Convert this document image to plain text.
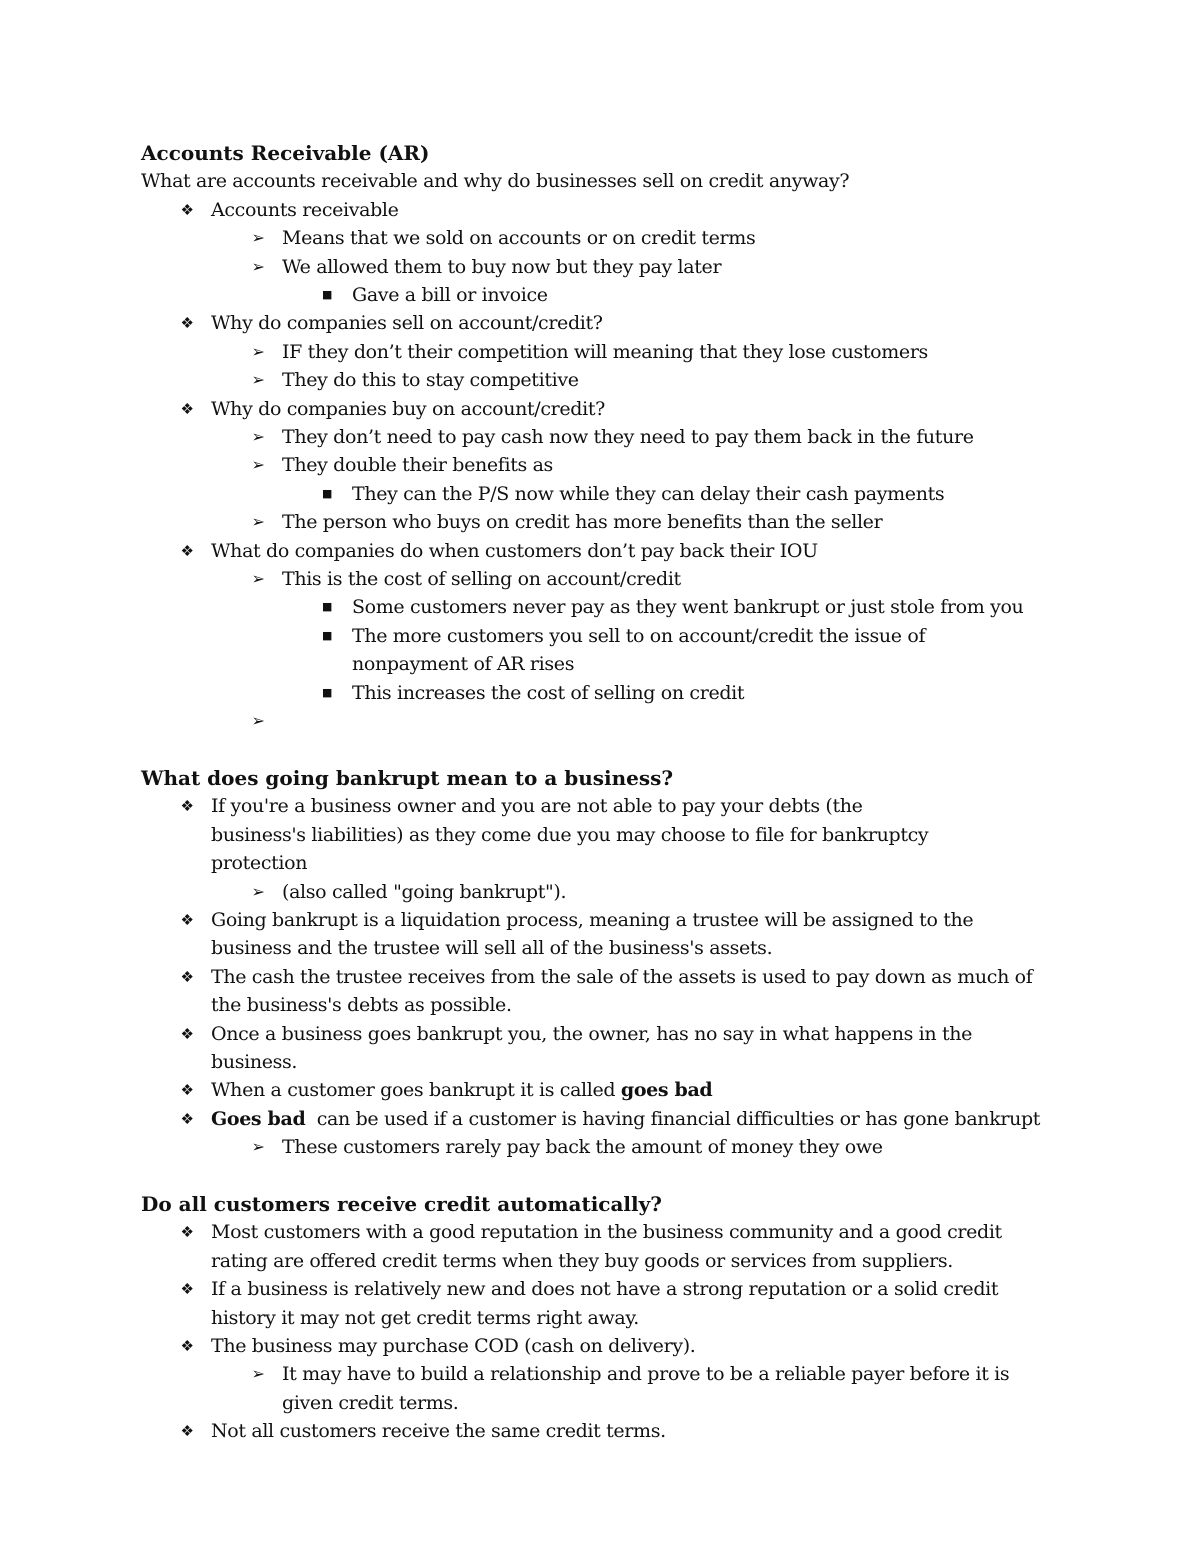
Accounts Receivable (AR)
What are accounts receivable and why do businesses sell on credit anyway?
❖ Accounts receivable
➢ Means that we sold on accounts or on credit terms
➢ We allowed them to buy now but they pay later
■ Gave a bill or invoice
❖ Why do companies sell on account/credit?
➢ IF they don’t their competition will meaning that they lose customers
➢ They do this to stay competitive
❖ Why do companies buy on account/credit?
➢ They don’t need to pay cash now they need to pay them back in the future
➢ They double their benefits as
■ They can the P/S now while they can delay their cash payments
➢ The person who buys on credit has more benefits than the seller
❖ What do companies do when customers don’t pay back their IOU
➢ This is the cost of selling on account/credit
■ Some customers never pay as they went bankrupt or just stole from you
■ The more customers you sell to on account/credit the issue of nonpayment of AR rises
■ This increases the cost of selling on credit
➢
What does going bankrupt mean to a business?
❖ If you're a business owner and you are not able to pay your debts (the business's liabilities) as they come due you may choose to file for bankruptcy protection
➢ (also called "going bankrupt").
❖ Going bankrupt is a liquidation process, meaning a trustee will be assigned to the business and the trustee will sell all of the business's assets.
❖ The cash the trustee receives from the sale of the assets is used to pay down as much of the business's debts as possible.
❖ Once a business goes bankrupt you, the owner, has no say in what happens in the business.
❖ When a customer goes bankrupt it is called goes bad
❖ Goes bad  can be used if a customer is having financial difficulties or has gone bankrupt
➢ These customers rarely pay back the amount of money they owe
Do all customers receive credit automatically?
❖ Most customers with a good reputation in the business community and a good credit rating are offered credit terms when they buy goods or services from suppliers.
❖ If a business is relatively new and does not have a strong reputation or a solid credit history it may not get credit terms right away.
❖ The business may purchase COD (cash on delivery).
➢ It may have to build a relationship and prove to be a reliable payer before it is given credit terms.
❖ Not all customers receive the same credit terms.
